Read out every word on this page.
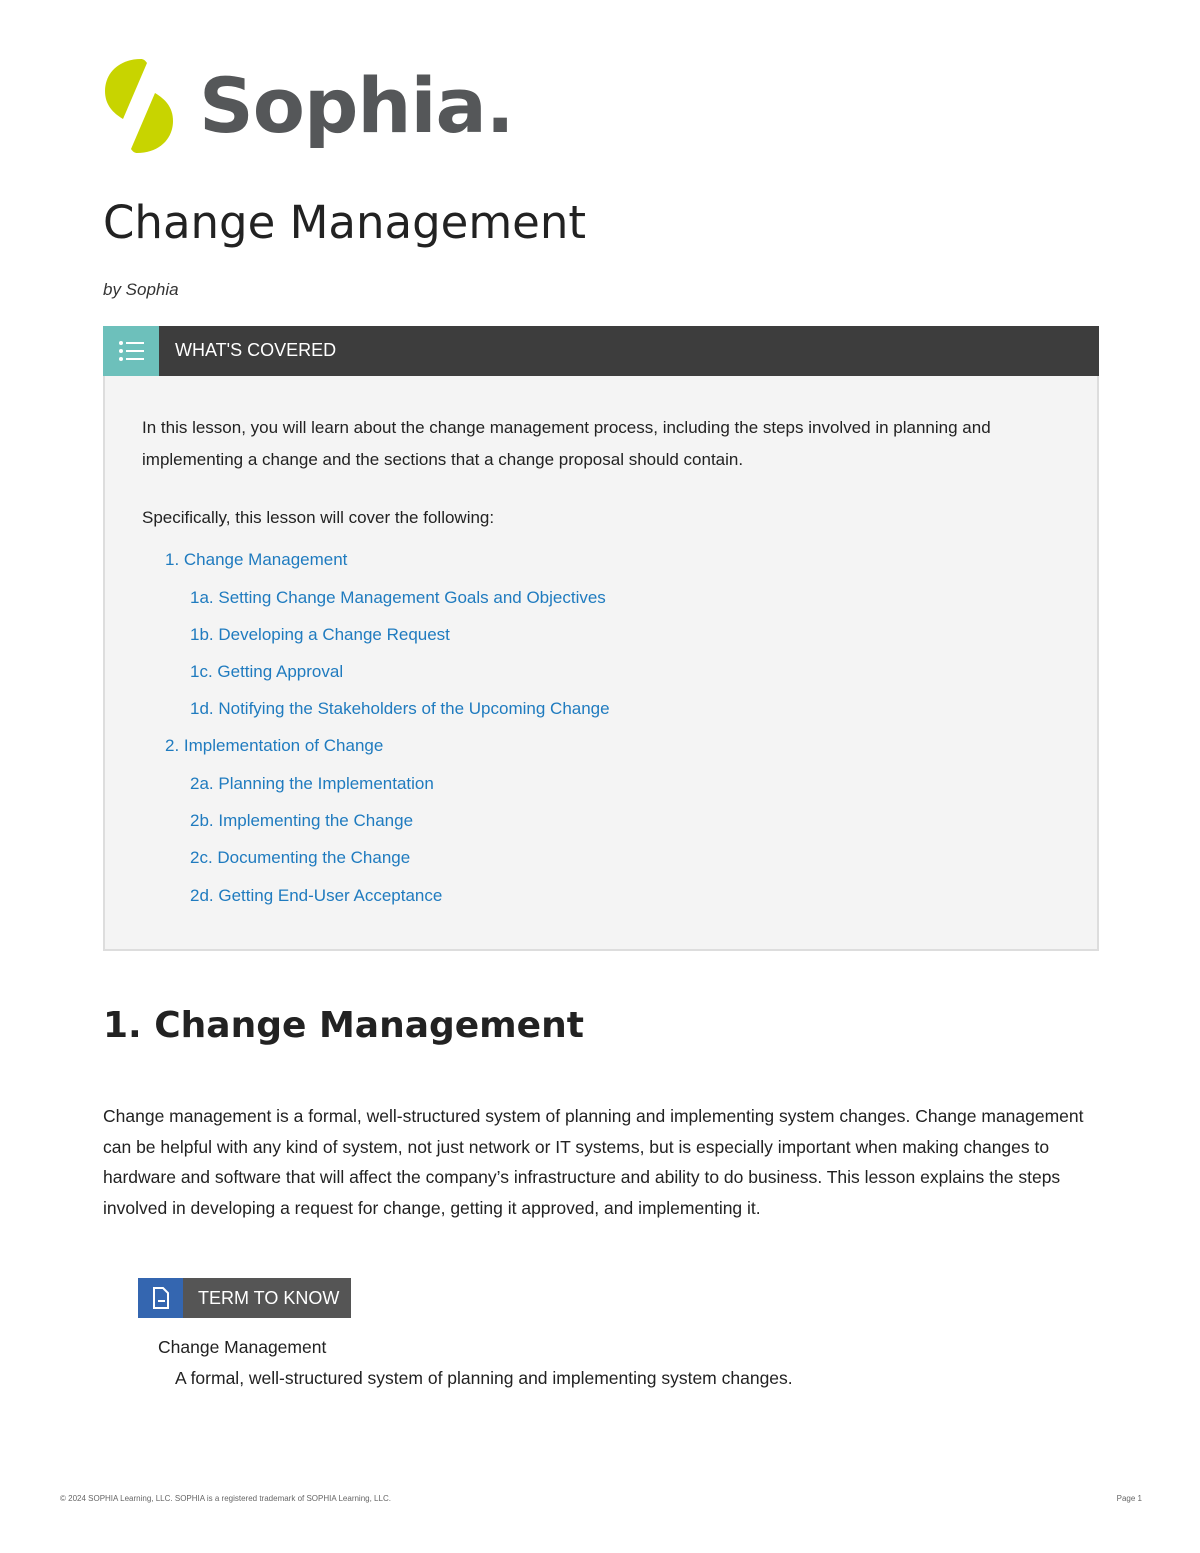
Sophia.
Change Management
by Sophia
WHAT'S COVERED

In this lesson, you will learn about the change management process, including the steps involved in planning and implementing a change and the sections that a change proposal should contain.

Specifically, this lesson will cover the following:

1. Change Management
1a. Setting Change Management Goals and Objectives
1b. Developing a Change Request
1c. Getting Approval
1d. Notifying the Stakeholders of the Upcoming Change
2. Implementation of Change
2a. Planning the Implementation
2b. Implementing the Change
2c. Documenting the Change
2d. Getting End-User Acceptance
1. Change Management

Change management is a formal, well-structured system of planning and implementing system changes. Change management can be helpful with any kind of system, not just network or IT systems, but is especially important when making changes to hardware and software that will affect the company’s infrastructure and ability to do business. This lesson explains the steps involved in developing a request for change, getting it approved, and implementing it.

TERM TO KNOW
Change Management
A formal, well-structured system of planning and implementing system changes.
© 2024 SOPHIA Learning, LLC. SOPHIA is a registered trademark of SOPHIA Learning, LLC.	Page 1
